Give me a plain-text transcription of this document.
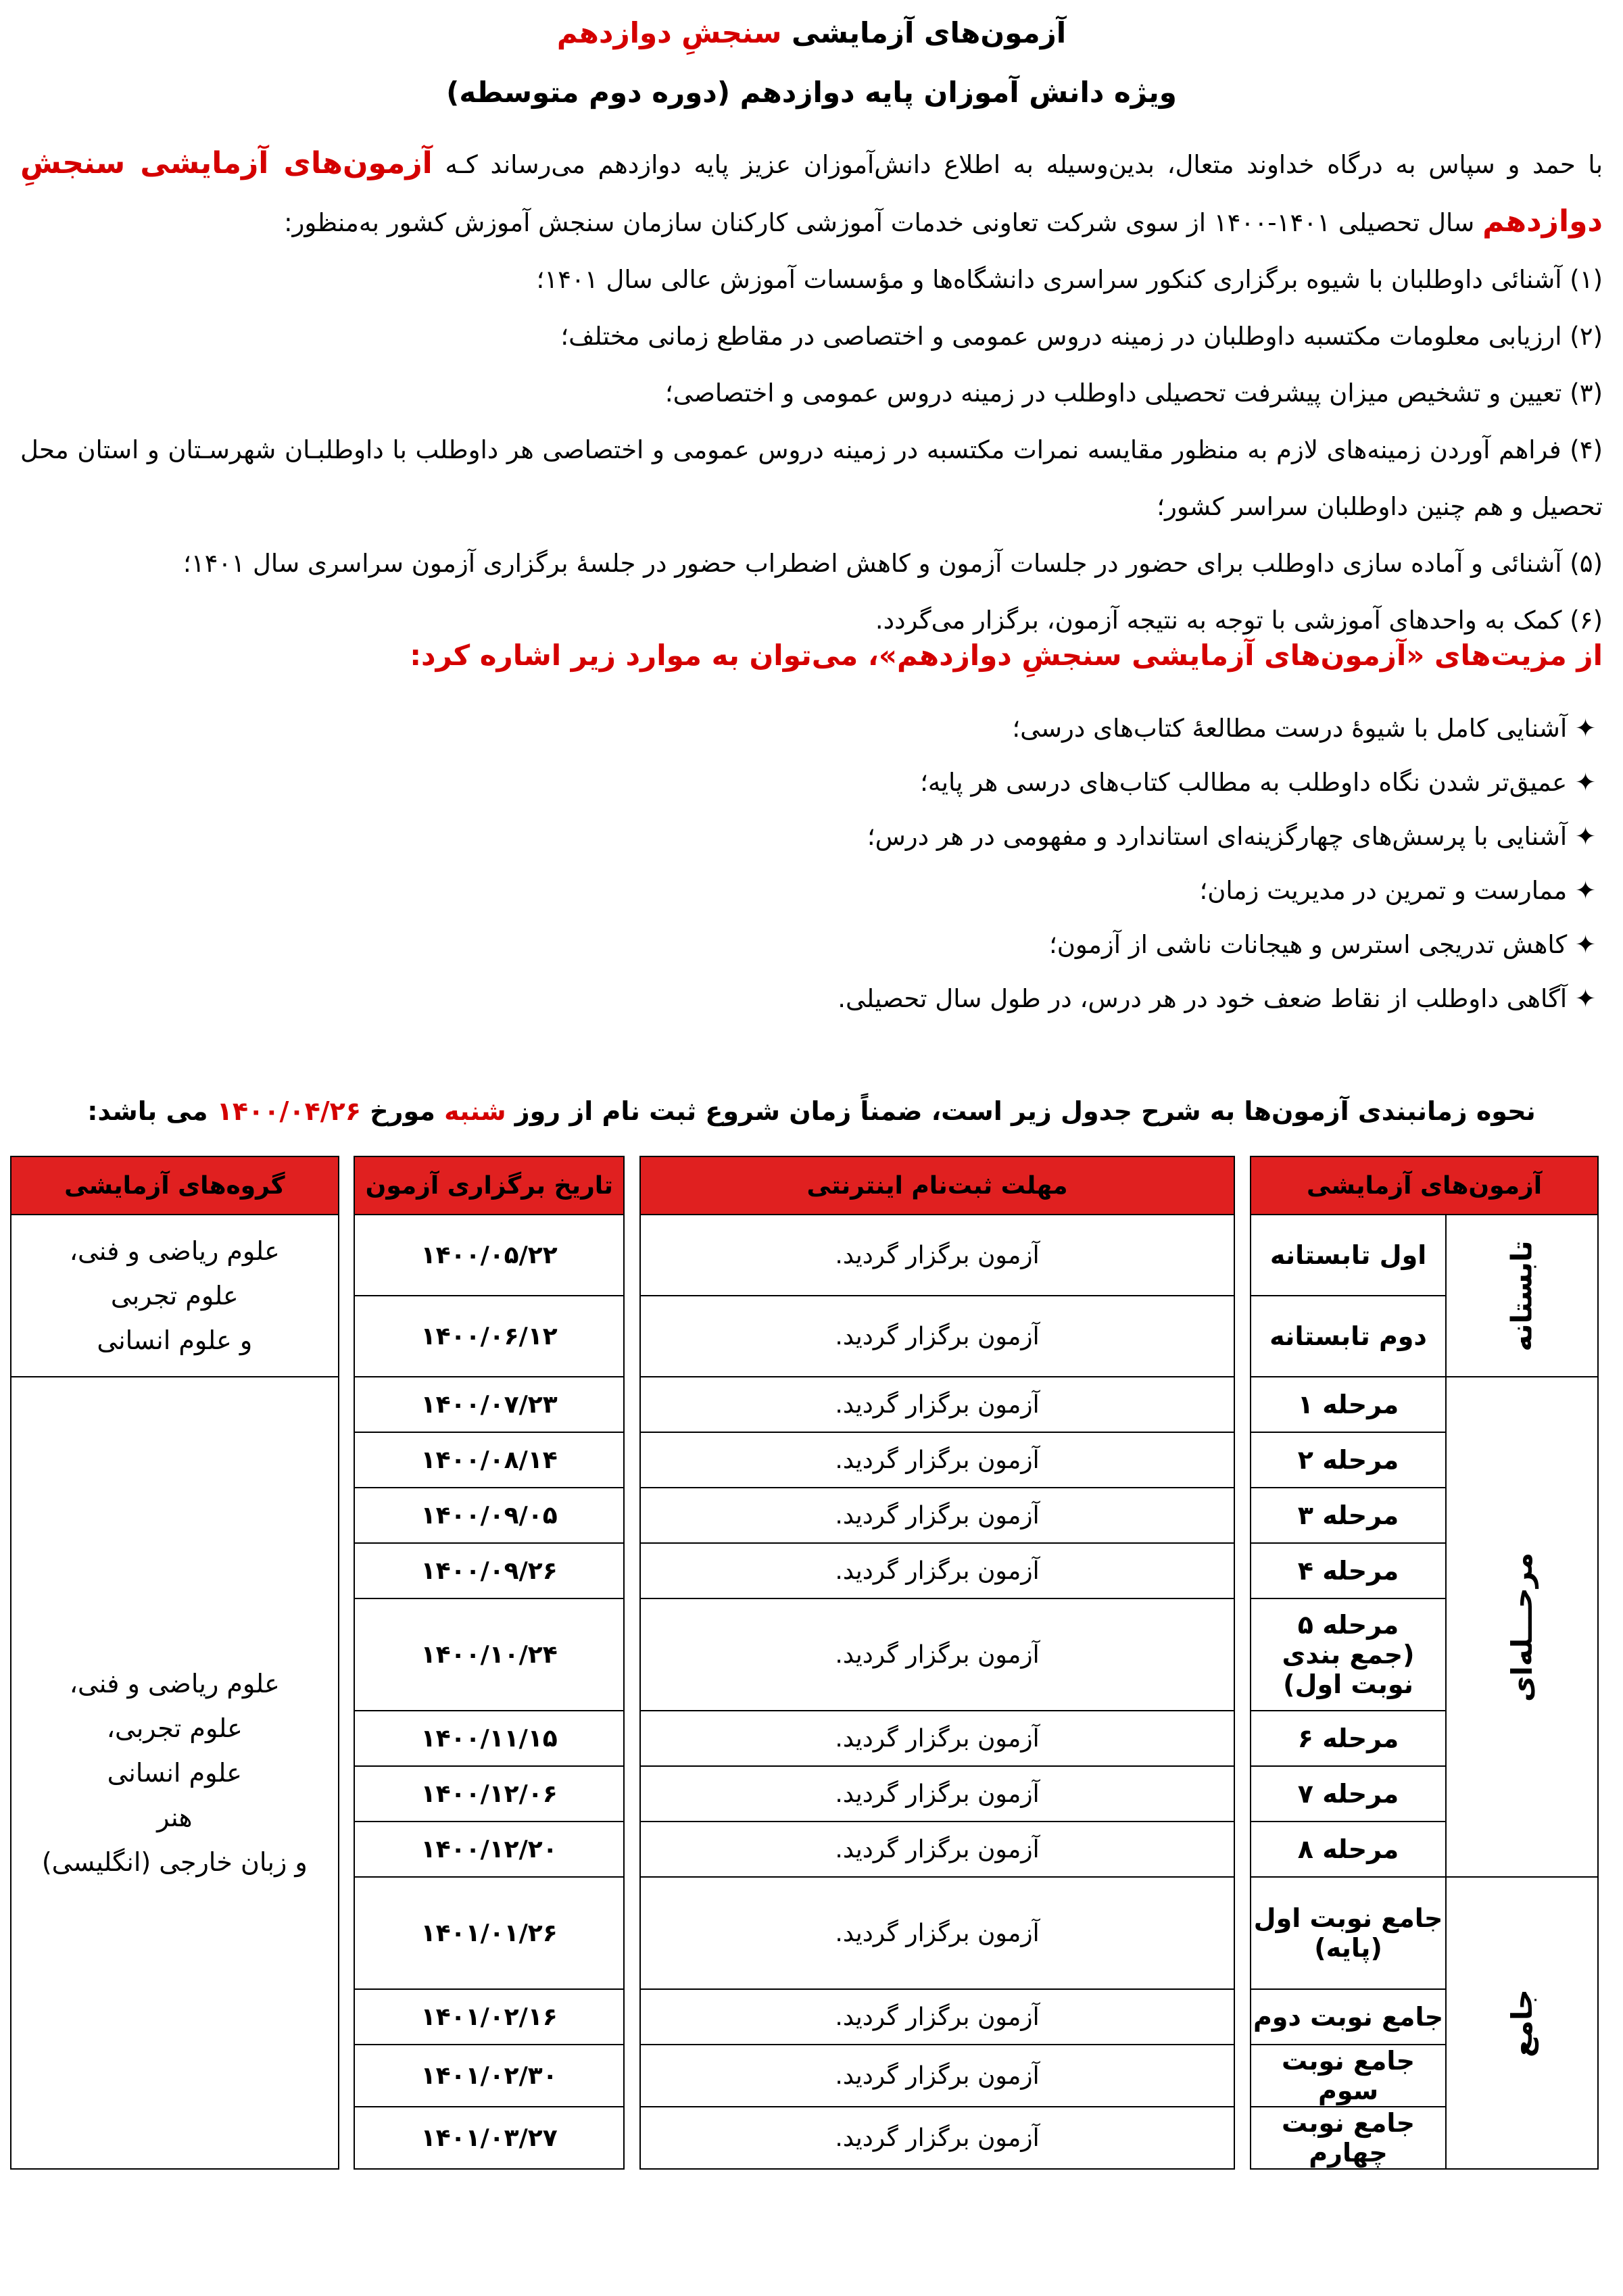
آزمون‌های آزمایشی سنجشِ دوازدهم
ویژه دانش آموزان پایه دوازدهم (دوره دوم متوسطه)

با حمد و سپاس به درگاه خداوند متعال، بدین‌وسیله به اطلاع دانش‌آموزان عزیز پایه دوازدهم می‌رساند کـه آزمون‌های آزمایشی سنجشِ دوازدهم سال تحصیلی ۱۴۰۱-۱۴۰۰ از سوی شرکت تعاونی خدمات آموزشی کارکنان سازمان سنجش آموزش کشور به‌منظور:

(۱) آشنائی داوطلبان با شیوه برگزاری کنکور سراسری دانشگاه‌ها و مؤسسات آموزش عالی سال ۱۴۰۱؛

(۲) ارزیابی معلومات مکتسبه داوطلبان در زمینه دروس عمومی و اختصاصی در مقاطع زمانی مختلف؛

(۳) تعیین و تشخیص میزان پیشرفت تحصیلی داوطلب در زمینه دروس عمومی و اختصاصی؛

(۴) فراهم آوردن زمینه‌های لازم به منظور مقایسه نمرات مکتسبه در زمینه دروس عمومی و اختصاصی هر داوطلب با داوطلبـان شهرسـتان و استان محل تحصیل و هم چنین داوطلبان سراسر کشور؛

(۵) آشنائی و آماده سازی داوطلب برای حضور در جلسات آزمون و کاهش اضطراب حضور در جلسهٔ برگزاری آزمون سراسری سال ۱۴۰۱؛

(۶) کمک به واحدهای آموزشی با توجه به نتیجه آزمون، برگزار می‌گردد.

از مزیت‌های «آزمون‌های آزمایشی سنجشِ دوازدهم»، می‌توان به موارد زیر اشاره کرد:
✦ آشنایی کامل با شیوهٔ درست مطالعهٔ کتاب‌های درسی؛
✦ عمیق‌تر شدن نگاه داوطلب به مطالب کتاب‌های درسی هر پایه؛
✦ آشنایی با پرسش‌های چهارگزینه‌ای استاندارد و مفهومی در هر درس؛
✦ ممارست و تمرین در مدیریت زمان؛
✦ کاهش تدریجی استرس و هیجانات ناشی از آزمون؛
✦ آگاهی داوطلب از نقاط ضعف خود در هر درس، در طول سال تحصیلی.
نحوه زمانبندی آزمون‌ها به شرح جدول زیر است، ضمناً زمان شروع ثبت نام از روز شنبه مورخ ۱۴۰۰/۰۴/۲۶ می باشد:
آزمون‌های آزمایشی			مهلت ثبت‌نام اینترنتی		تاریخ برگزاری آزمون		گروه‌های آزمایشی
تابستانه	اول تابستانه		آزمون برگزار گردید.		۱۴۰۰/۰۵/۲۲		علوم ریاضی و فنی،
علوم تجربی
و علوم انسانی

	دوم تابستانه		آزمون برگزار گردید.		۱۴۰۰/۰۶/۱۲		
مرحـــله‌ای	مرحله ۱		آزمون برگزار گردید.		۱۴۰۰/۰۷/۲۳		علوم ریاضی و فنی،
علوم تجربی،
علوم انسانی
هنر
و زبان خارجی (انگلیسی)

	مرحله ۲		آزمون برگزار گردید.		۱۴۰۰/۰۸/۱۴		
	مرحله ۳		آزمون برگزار گردید.		۱۴۰۰/۰۹/۰۵		
	مرحله ۴		آزمون برگزار گردید.		۱۴۰۰/۰۹/۲۶		

	مرحله ۵
(جمع بندی نوبت اول)		آزمون برگزار گردید.		۱۴۰۰/۱۰/۲۴		
	مرحله ۶		آزمون برگزار گردید.		۱۴۰۰/۱۱/۱۵		
	مرحله ۷		آزمون برگزار گردید.		۱۴۰۰/۱۲/۰۶		
	مرحله ۸		آزمون برگزار گردید.		۱۴۰۰/۱۲/۲۰		
جامع	جامع نوبت اول
(پایه)		آزمون برگزار گردید.		۱۴۰۱/۰۱/۲۶		
	جامع نوبت دوم		آزمون برگزار گردید.		۱۴۰۱/۰۲/۱۶		
	جامع نوبت سوم		آزمون برگزار گردید.		۱۴۰۱/۰۲/۳۰		
	جامع نوبت چهارم		آزمون برگزار گردید.		۱۴۰۱/۰۳/۲۷		
